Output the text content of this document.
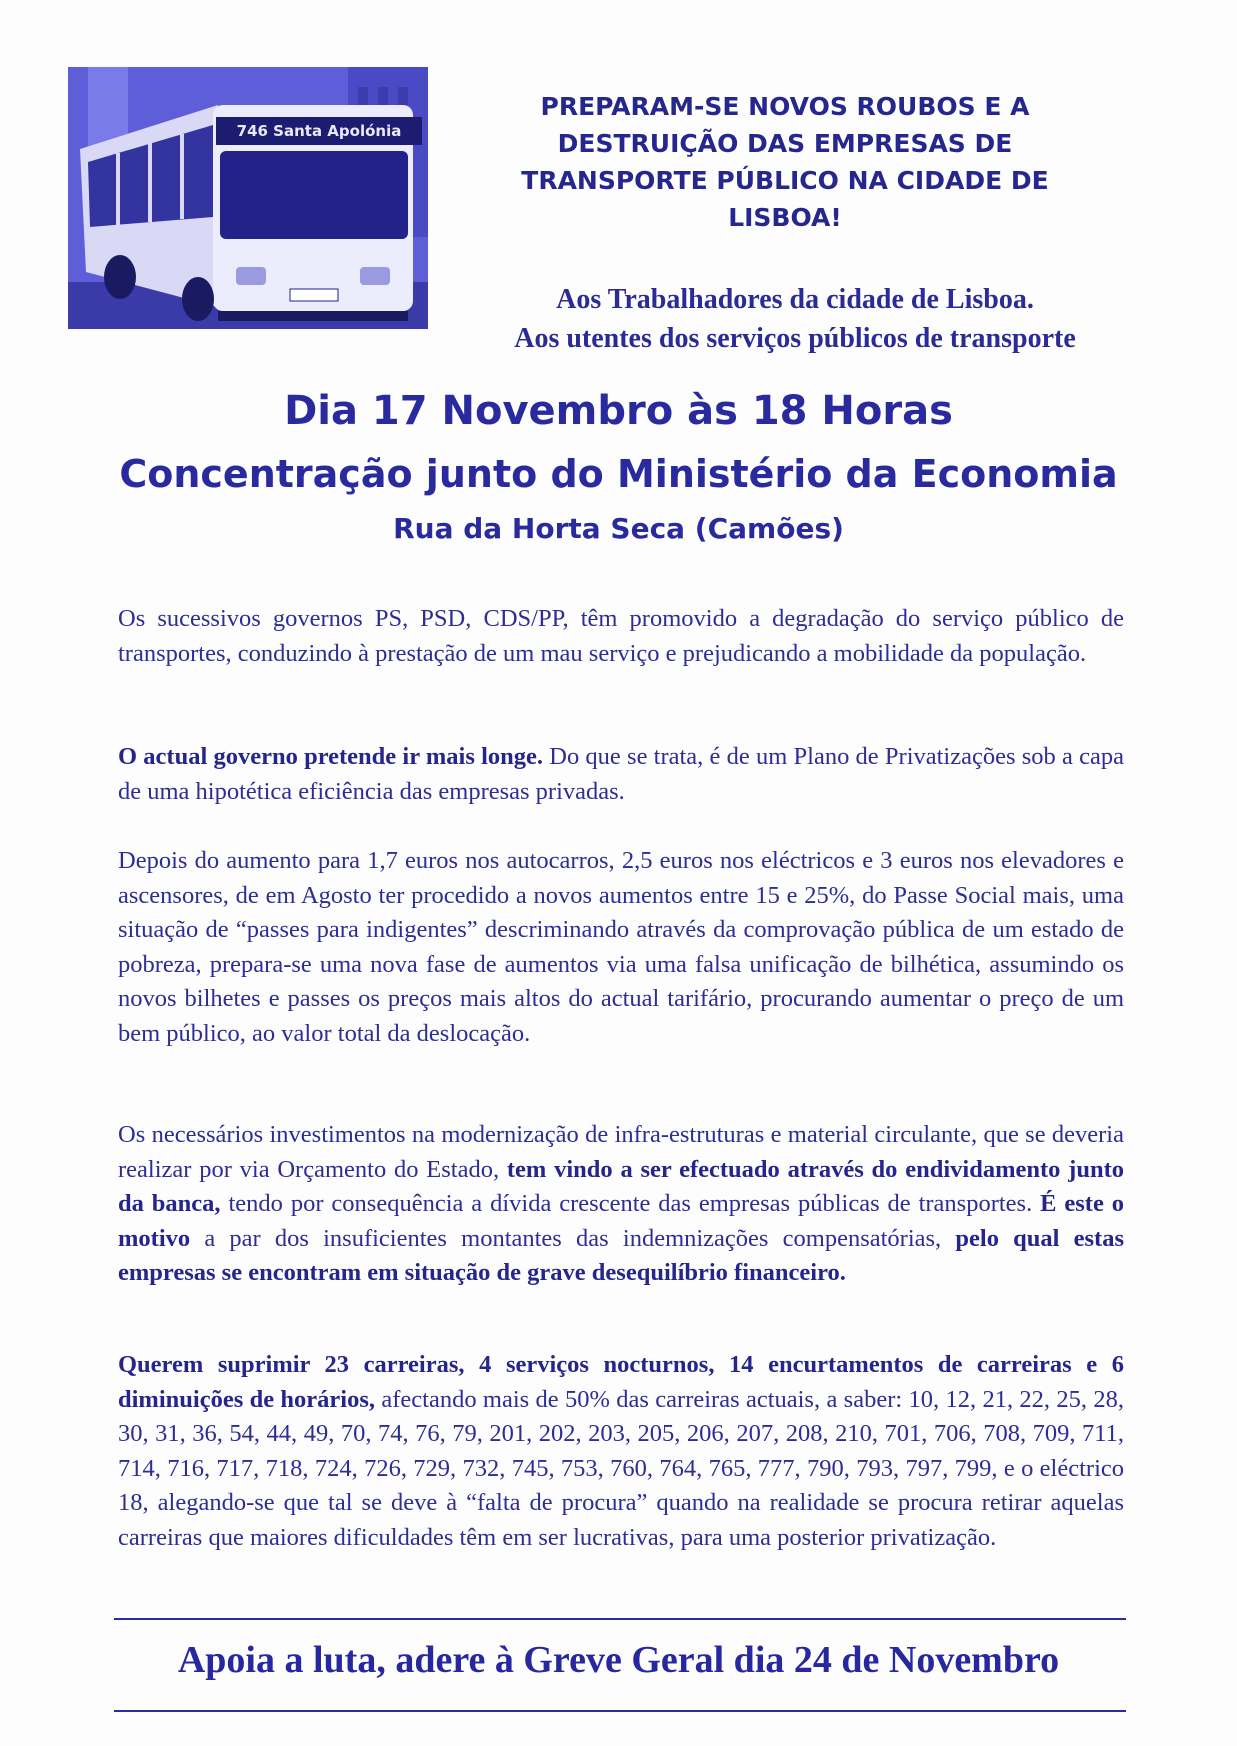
746 Santa Apolónia
PREPARAM-SE NOVOS ROUBOS E A DESTRUIÇÃO DAS EMPRESAS DE TRANSPORTE PÚBLICO NA CIDADE DE LISBOA!
Aos Trabalhadores da cidade de Lisboa.
Aos utentes dos serviços públicos de transporte
Dia 17 Novembro às 18 Horas
Concentração junto do Ministério da Economia
Rua da Horta Seca (Camões)
Os sucessivos governos PS, PSD, CDS/PP, têm promovido a degradação do serviço público de transportes, conduzindo à prestação de um mau serviço e prejudicando a mobilidade da população.
O actual governo pretende ir mais longe. Do que se trata, é de um Plano de Privatizações sob a capa de uma hipotética eficiência das empresas privadas.
Depois do aumento para 1,7 euros nos autocarros, 2,5 euros nos eléctricos e 3 euros nos elevadores e ascensores, de em Agosto ter procedido a novos aumentos entre 15 e 25%, do Passe Social mais, uma situação de “passes para indigentes” descriminando através da comprovação pública de um estado de pobreza, prepara-se uma nova fase de aumentos via uma falsa unificação de bilhética, assumindo os novos bilhetes e passes os preços mais altos do actual tarifário, procurando aumentar o preço de um bem público, ao valor total da deslocação.
Os necessários investimentos na modernização de infra-estruturas e material circulante, que se deveria realizar por via Orçamento do Estado, tem vindo a ser efectuado através do endividamento junto da banca, tendo por consequência a dívida crescente das empresas públicas de transportes. É este o motivo a par dos insuficientes montantes das indemnizações compensatórias, pelo qual estas empresas se encontram em situação de grave desequilíbrio financeiro.
Querem suprimir 23 carreiras, 4 serviços nocturnos, 14 encurtamentos de carreiras e 6 diminuições de horários, afectando mais de 50% das carreiras actuais, a saber: 10, 12, 21, 22, 25, 28, 30, 31, 36, 54, 44, 49, 70, 74, 76, 79, 201, 202, 203, 205, 206, 207, 208, 210, 701, 706, 708, 709, 711, 714, 716, 717, 718, 724, 726, 729, 732, 745, 753, 760, 764, 765, 777, 790, 793, 797, 799, e o eléctrico 18, alegando-se que tal se deve à “falta de procura” quando na realidade se procura retirar aquelas carreiras que maiores dificuldades têm em ser lucrativas, para uma posterior privatização.
Apoia a luta, adere à Greve Geral dia 24 de Novembro
